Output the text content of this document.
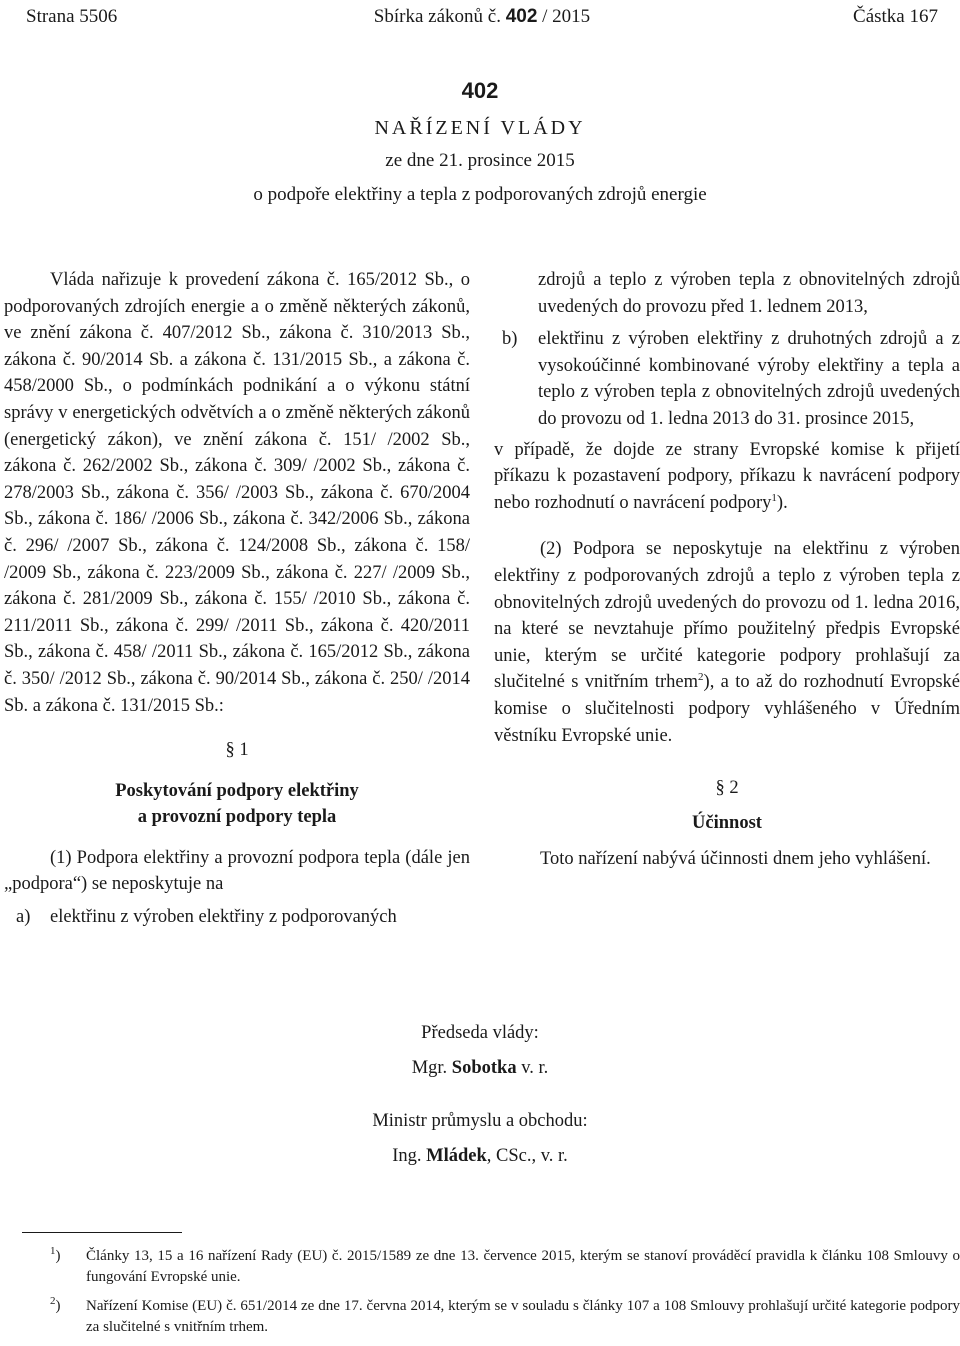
Strana 5506	Sbírka zákonů č. 402 / 2015	Částka 167
402
NAŘÍZENÍ VLÁDY
ze dne 21. prosince 2015
o podpoře elektřiny a tepla z podporovaných zdrojů energie

Vláda nařizuje k provedení zákona č. 165/2012 Sb., o podporovaných zdrojích energie a o změně některých zákonů, ve znění zákona č. 407/2012 Sb., zákona č. 310/2013 Sb., zákona č. 90/2014 Sb. a zákona č. 131/2015 Sb., a zákona č. 458/2000 Sb., o podmínkách podnikání a o výkonu státní správy v energetických odvětvích a o změně některých zákonů (energetický zákon), ve znění zákona č. 151/ /2002 Sb., zákona č. 262/2002 Sb., zákona č. 309/ /2002 Sb., zákona č. 278/2003 Sb., zákona č. 356/ /2003 Sb., zákona č. 670/2004 Sb., zákona č. 186/ /2006 Sb., zákona č. 342/2006 Sb., zákona č. 296/ /2007 Sb., zákona č. 124/2008 Sb., zákona č. 158/ /2009 Sb., zákona č. 223/2009 Sb., zákona č. 227/ /2009 Sb., zákona č. 281/2009 Sb., zákona č. 155/ /2010 Sb., zákona č. 211/2011 Sb., zákona č. 299/ /2011 Sb., zákona č. 420/2011 Sb., zákona č. 458/ /2011 Sb., zákona č. 165/2012 Sb., zákona č. 350/ /2012 Sb., zákona č. 90/2014 Sb., zákona č. 250/ /2014 Sb. a zákona č. 131/2015 Sb.:

§ 1
Poskytování podpory elektřiny
a provozní podpory tepla

(1) Podpora elektřiny a provozní podpora tepla (dále jen „podpora“) se neposkytuje na

a)	elektřinu z výroben elektřiny z podporovaných

zdrojů a teplo z výroben tepla z obnovitelných zdrojů uvedených do provozu před 1. lednem 2013,

b)	elektřinu z výroben elektřiny z druhotných zdrojů a z vysokoúčinné kombinované výroby elektřiny a tepla a teplo z výroben tepla z obnovitelných zdrojů uvedených do provozu od 1. ledna 2013 do 31. prosince 2015,

v případě, že dojde ze strany Evropské komise k přijetí příkazu k pozastavení podpory, příkazu k navrácení podpory nebo rozhodnutí o navrácení podpory$^1$).

(2) Podpora se neposkytuje na elektřinu z výroben elektřiny z podporovaných zdrojů a teplo z výroben tepla z obnovitelných zdrojů uvedených do provozu od 1. ledna 2016, na které se nevztahuje přímo použitelný předpis Evropské unie, kterým se určité kategorie podpory prohlašují za slučitelné s vnitřním trhem$^2$), a to až do rozhodnutí Evropské komise o slučitelnosti podpory vyhlášeného v Úředním věstníku Evropské unie.

§ 2
Účinnost

Toto nařízení nabývá účinnosti dnem jeho vyhlášení.

Předseda vlády:
Mgr. Sobotka v. r.
Ministr průmyslu a obchodu:
Ing. Mládek, CSc., v. r.
$^1$) Články 13, 15 a 16 nařízení Rady (EU) č. 2015/1589 ze dne 13. července 2015, kterým se stanoví prováděcí pravidla k článku 108 Smlouvy o fungování Evropské unie.
$^2$) Nařízení Komise (EU) č. 651/2014 ze dne 17. června 2014, kterým se v souladu s články 107 a 108 Smlouvy prohlašují určité kategorie podpory za slučitelné s vnitřním trhem.
